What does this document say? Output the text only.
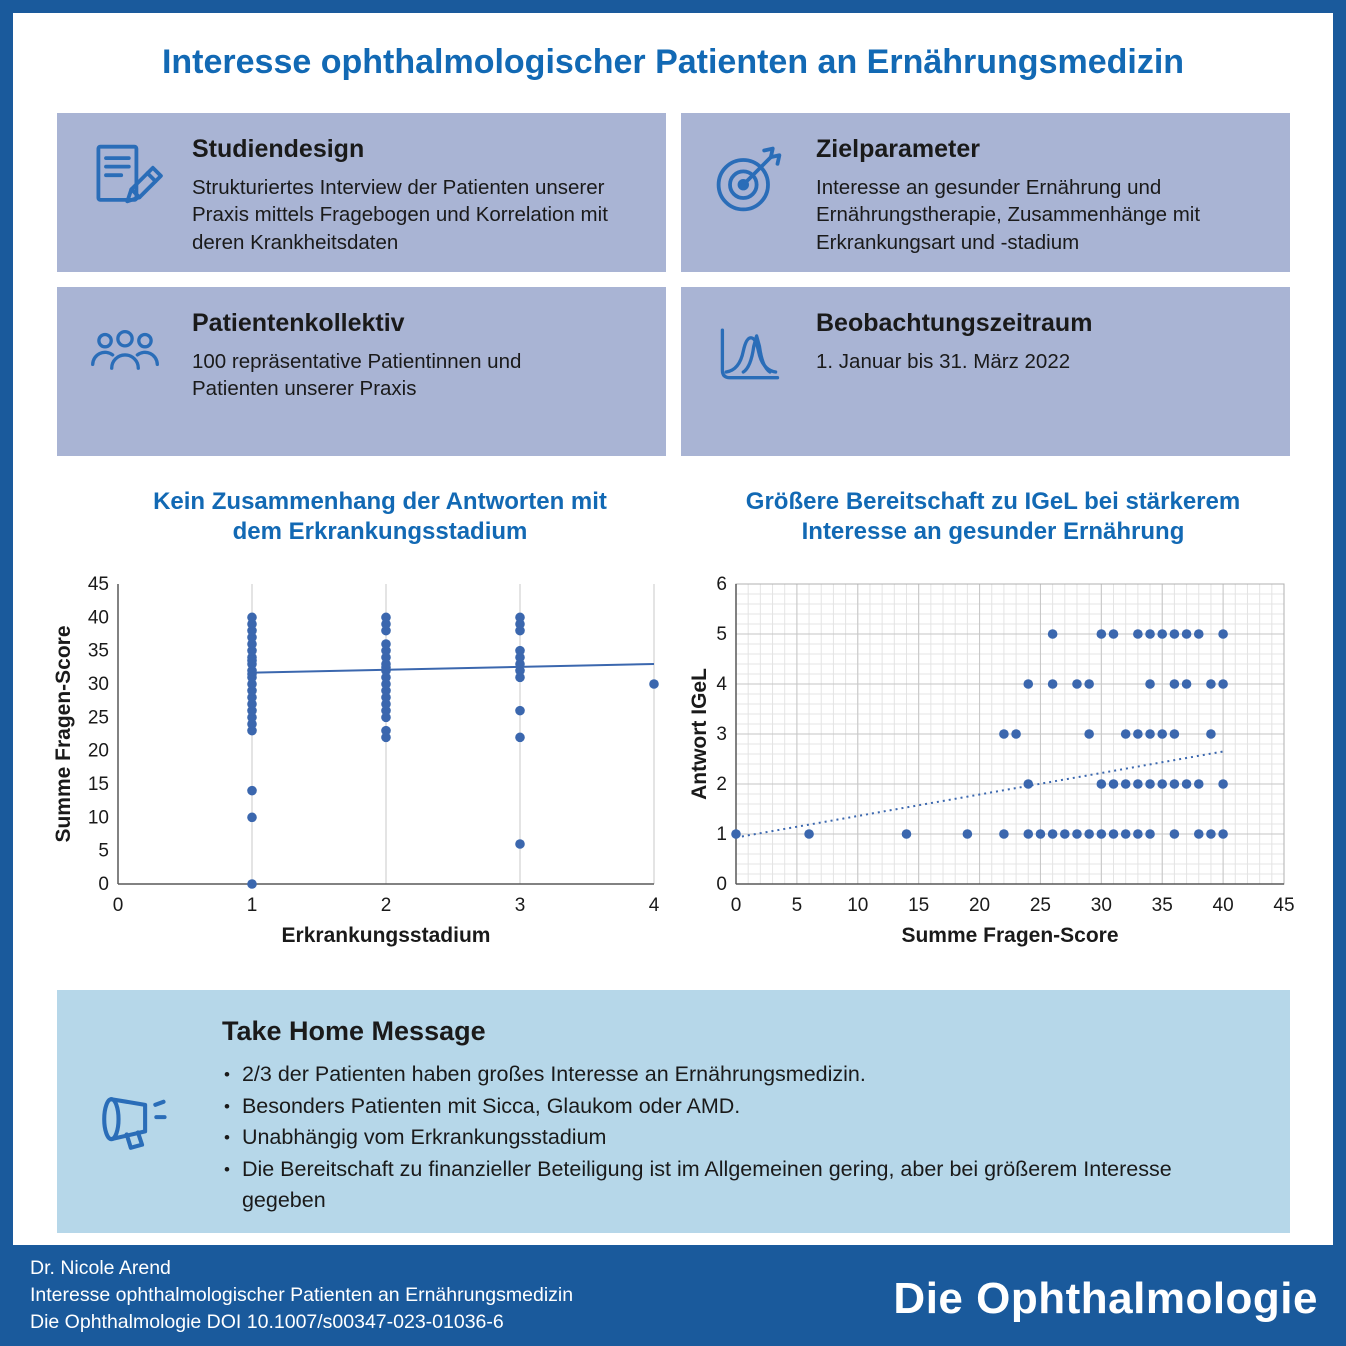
Interesse ophthalmologischer Patienten an Ernährungsmedizin
Studiendesign
Strukturiertes Interview der Patienten unserer Praxis mittels Fragebogen und Korrelation mit deren Krankheitsdaten
Zielparameter
Interesse an gesunder Ernährung und Ernährungstherapie, Zusammenhänge mit Erkrankungsart und -stadium
Patientenkollektiv
100 repräsentative Patientinnen und Patienten unserer Praxis
Beobachtungszeitraum
1. Januar bis 31. März 2022
Kein Zusammenhang der Antworten mit dem Erkrankungsstadium
Größere Bereitschaft zu IGeL bei stärkerem Interesse an gesunder Ernährung
0	1	2	3	4
0
5
10
15
20
25
30
35
40
45
Erkrankungsstadium
Summe Fragen-Score
0	5 10 15 20 25 30 35 40 45
0
1
2
3
4
5
6
Summe Fragen-Score
Antwort IGeL
Take Home Message
• 2/3 der Patienten haben großes Interesse an Ernährungsmedizin.
• Besonders Patienten mit Sicca, Glaukom oder AMD.
• Unabhängig vom Erkrankungsstadium
• Die Bereitschaft zu finanzieller Beteiligung ist im Allgemeinen gering, aber bei größerem Interesse gegeben
Dr. Nicole Arend
Interesse ophthalmologischer Patienten an Ernährungsmedizin
Die Ophthalmologie DOI 10.1007/s00347-023-01036-6	Die Ophthalmologie
